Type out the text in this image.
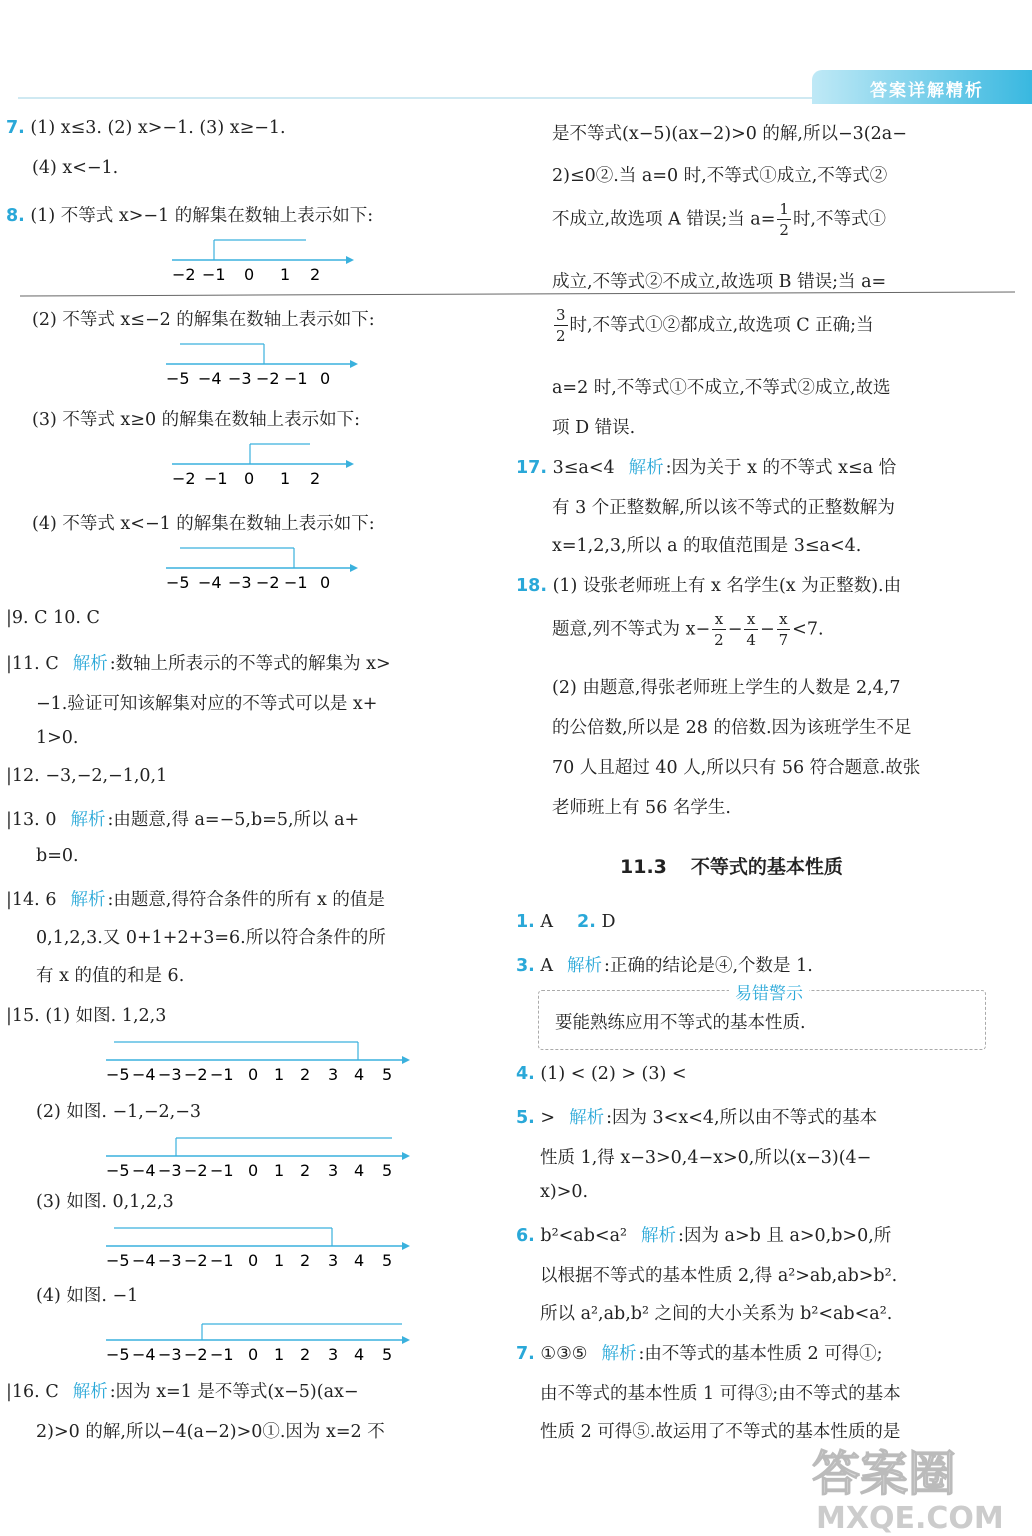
答案详解精析
7. (1) x≤3. (2) x>−1. (3) x≥−1.
(4) x<−1.
8. (1) 不等式 x>−1 的解集在数轴上表示如下:
−2 −1 0 1 2
(2) 不等式 x≤−2 的解集在数轴上表示如下:
−5 −4 −3 −2 −1 0
(3) 不等式 x≥0 的解集在数轴上表示如下:
−2 −1 0 1 2
(4) 不等式 x<−1 的解集在数轴上表示如下:
−5 −4 −3 −2 −1 0
|9. C 10. C
|11. C 解析 :数轴上所表示的不等式的解集为 x>
−1.验证可知该解集对应的不等式可以是 x+
1>0.
|12. −3,−2,−1,0,1
|13. 0 解析 :由题意,得 a=−5,b=5,所以 a+
b=0.
|14. 6 解析 :由题意,得符合条件的所有 x 的值是
0,1,2,3.又 0+1+2+3=6.所以符合条件的所
有 x 的值的和是 6.
|15. (1) 如图. 1,2,3
−5 −4 −3 −2 −1 0 1 2 3 4 5
(2) 如图. −1,−2,−3
−5 −4 −3 −2 −1 0 1 2 3 4 5
(3) 如图. 0,1,2,3
−5 −4 −3 −2 −1 0 1 2 3 4 5
(4) 如图. −1
−5 −4 −3 −2 −1 0 1 2 3 4 5
|16. C 解析 :因为 x=1 是不等式(x−5)(ax−
2)>0 的解,所以−4(a−2)>0①.因为 x=2 不
是不等式(x−5)(ax−2)>0 的解,所以−3(2a−
2)≤0②.当 a=0 时,不等式①成立,不等式②
不成立,故选项 A 错误;当 $a= \frac{1}{2}$ 时,不等式①
成立,不等式②不成立,故选项 B 错误;当 a=
$\frac{3}{2}$ 时,不等式①②都成立,故选项 C 正确;当
a=2 时,不等式①不成立,不等式②成立,故选
项 D 错误.
17. 3≤a<4 解析 :因为关于 x 的不等式 x≤a 恰
有 3 个正整数解,所以该不等式的正整数解为
x=1,2,3,所以 a 的取值范围是 3≤a<4.
18. (1) 设张老师班上有 x 名学生(x 为正整数).由
题意,列不等式为 $x- \frac{x}{2} - \frac{x}{4} - \frac{x}{7} <7$.
(2) 由题意,得张老师班上学生的人数是 2,4,7
的公倍数,所以是 28 的倍数.因为该班学生不足
70 人且超过 40 人,所以只有 56 符合题意.故张
老师班上有 56 名学生.
11.3 不等式的基本性质
1. A 2. D
3. A 解析 :正确的结论是④,个数是 1.
易错警示
要能熟练应用不等式的基本性质.
4. (1) < (2) > (3) <
5. > 解析 :因为 3<x<4,所以由不等式的基本
性质 1,得 x−3>0,4−x>0,所以(x−3)(4−
x)>0.
6. b²<ab<a² 解析 :因为 a>b 且 a>0,b>0,所
以根据不等式的基本性质 2,得 a²>ab,ab>b².
所以 a²,ab,b² 之间的大小关系为 b²<ab<a².
7. ①③⑤ 解析 :由不等式的基本性质 2 可得①;
由不等式的基本性质 1 可得③;由不等式的基本
性质 2 可得⑤.故运用了不等式的基本性质的是
答案圈
MXQE.COM
